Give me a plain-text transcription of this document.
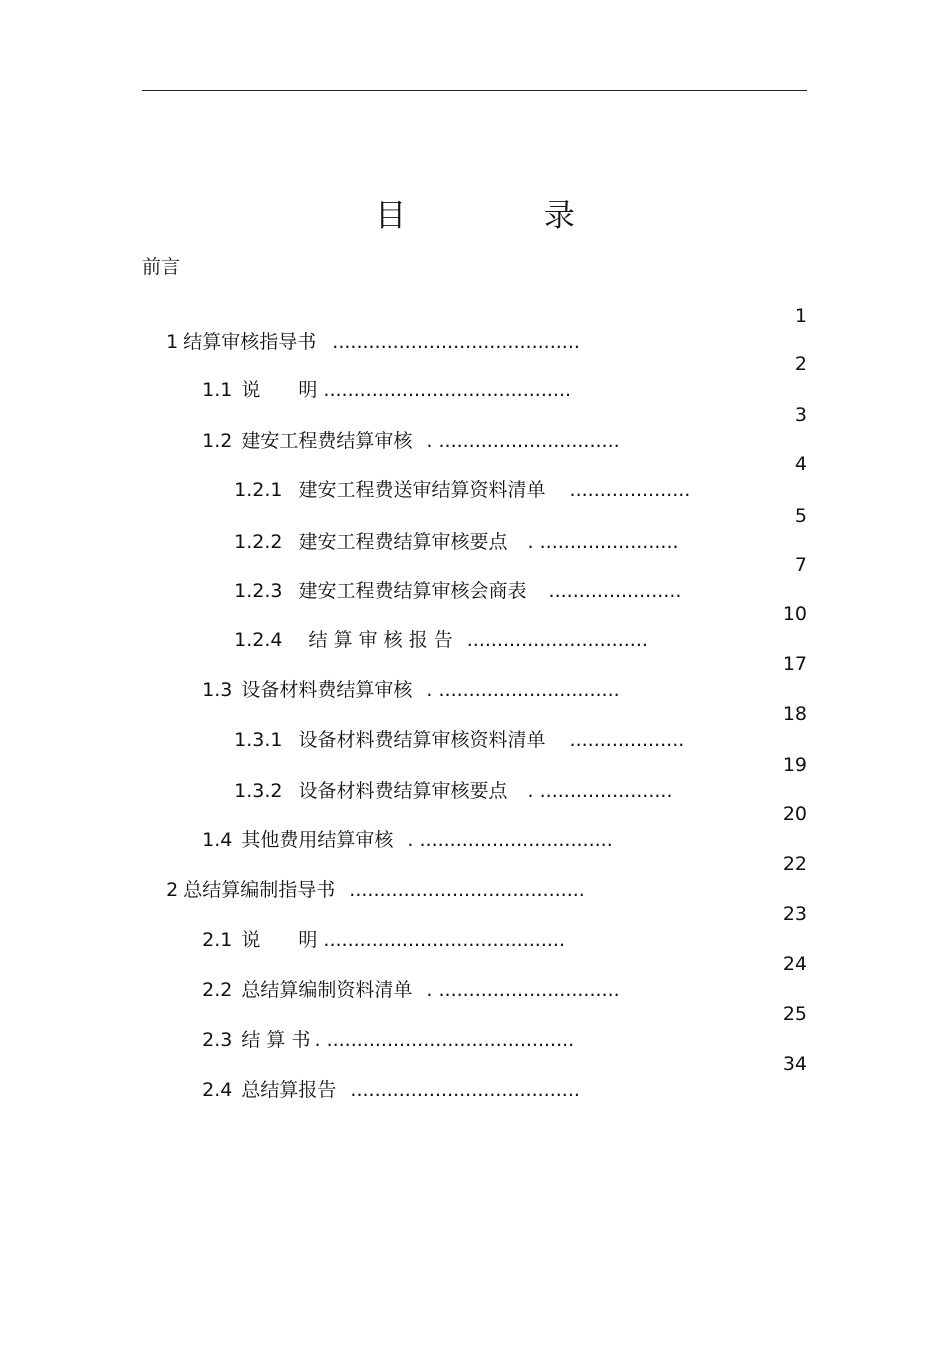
目 录
前言

1 结算审核指导书 .........................................

1

1.1 说　　明 .........................................

2

1.2 建安工程费结算审核 . ..............................

3

1.2.1 建安工程费送审结算资料清单 ....................

4

1.2.2 建安工程费结算审核要点 . .......................

5

1.2.3 建安工程费结算审核会商表 ......................

7

1.2.4 结 算 审 核 报 告 ..............................

10

1.3 设备材料费结算审核 . ..............................

17

1.3.1 设备材料费结算审核资料清单 ...................

18

1.3.2 设备材料费结算审核要点 . ......................

19

1.4 其他费用结算审核 . ................................

20

2 总结算编制指导书 .......................................

22

2.1 说　　明 ........................................

23

2.2 总结算编制资料清单 . ..............................

24

2.3 结 算 书 . .........................................

25

2.4 总结算报告 ......................................

34
